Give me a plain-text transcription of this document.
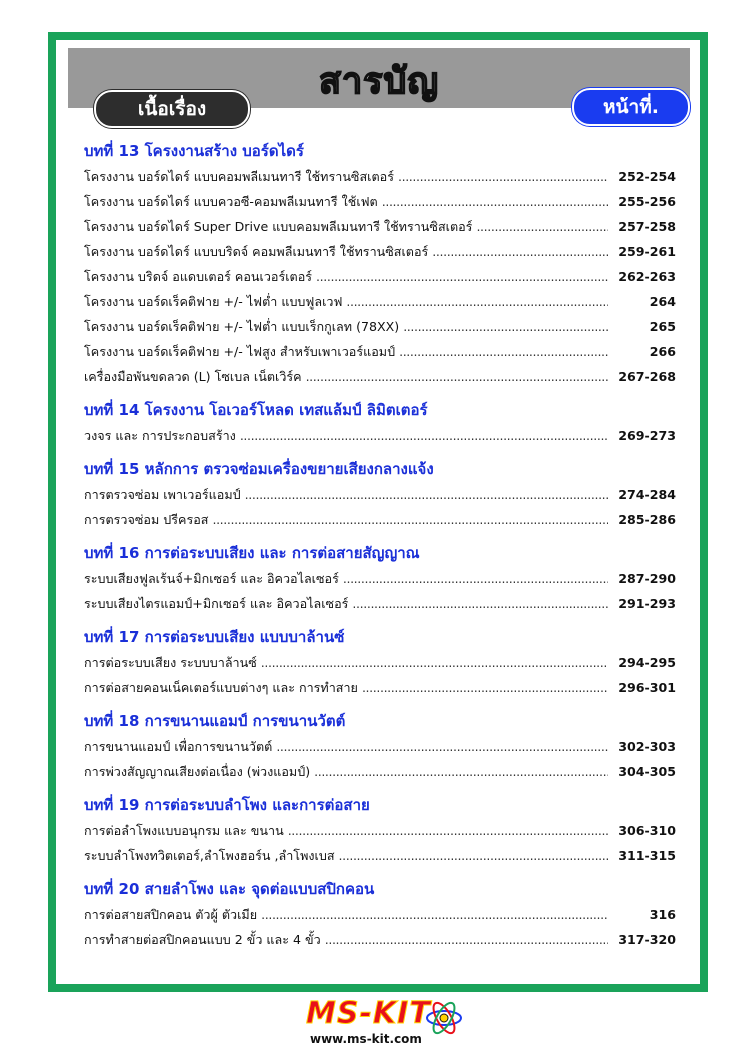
สารบัญ
เนื้อเรื่อง	หน้าที่.
บทที่ 13 โครงงานสร้าง บอร์ดไดร์
โครงงาน บอร์ดไดร์ แบบคอมพลีเมนทารี ใช้ทรานซิสเตอร์ . . .	252-254
โครงงาน บอร์ดไดร์ แบบควอซี-คอมพลีเมนทารี ใช้เฟต . . .	255-256
โครงงาน บอร์ดไดร์ Super Drive แบบคอมพลีเมนทารี ใช้ทรานซิสเตอร์ . . .	257-258
โครงงาน บอร์ดไดร์ แบบบริดจ์ คอมพลีเมนทารี ใช้ทรานซิสเตอร์ . . .	259-261
โครงงาน บริดจ์ อแดบเตอร์ คอนเวอร์เตอร์ . . .	262-263
โครงงาน บอร์ดเร็คติฟาย +/- ไฟต่ำ แบบฟูลเวฟ . . .	264
โครงงาน บอร์ดเร็คติฟาย +/- ไฟต่ำ แบบเร็กกูเลท (78XX) . . .	265
โครงงาน บอร์ดเร็คติฟาย +/- ไฟสูง สำหรับเพาเวอร์แอมป์ . . .	266
เครื่องมือพันขดลวด (L) โซเบล เน็ตเวิร์ค . . .	267-268
บทที่ 14 โครงงาน โอเวอร์โหลด เทสแล้มป์ ลิมิตเตอร์
วงจร และ การประกอบสร้าง . . .	269-273
บทที่ 15 หลักการ ตรวจซ่อมเครื่องขยายเสียงกลางแจ้ง
การตรวจซ่อม เพาเวอร์แอมป์ . . .	274-284
การตรวจซ่อม ปรีครอส . . .	285-286
บทที่ 16 การต่อระบบเสียง และ การต่อสายสัญญาณ
ระบบเสียงฟูลเร้นจ์+มิกเซอร์ และ อิควอไลเซอร์ . . .	287-290
ระบบเสียงไตรแอมป์+มิกเซอร์ และ อิควอไลเซอร์ . . .	291-293
บทที่ 17 การต่อระบบเสียง แบบบาล้านซ์
การต่อระบบเสียง ระบบบาล้านซ์ . . .	294-295
การต่อสายคอนเน็คเตอร์แบบต่างๆ และ การทำสาย . . .	296-301
บทที่ 18 การขนานแอมป์ การขนานวัตต์
การขนานแอมป์ เพื่อการขนานวัตต์ . . .	302-303
การพ่วงสัญญาณเสียงต่อเนื่อง (พ่วงแอมป์) . . .	304-305
บทที่ 19 การต่อระบบลำโพง และการต่อสาย
การต่อลำโพงแบบอนุกรม และ ขนาน . . .	306-310
ระบบลำโพงทวิตเตอร์,ลำโพงฮอร์น ,ลำโพงเบส . . .	311-315
บทที่ 20 สายลำโพง และ จุดต่อแบบสปิกคอน
การต่อสายสปิกคอน ตัวผู้ ตัวเมีย . . .	316
การทำสายต่อสปิกคอนแบบ 2 ขั้ว และ 4 ขั้ว . . .	317-320
MS-KIT
www.ms-kit.com
